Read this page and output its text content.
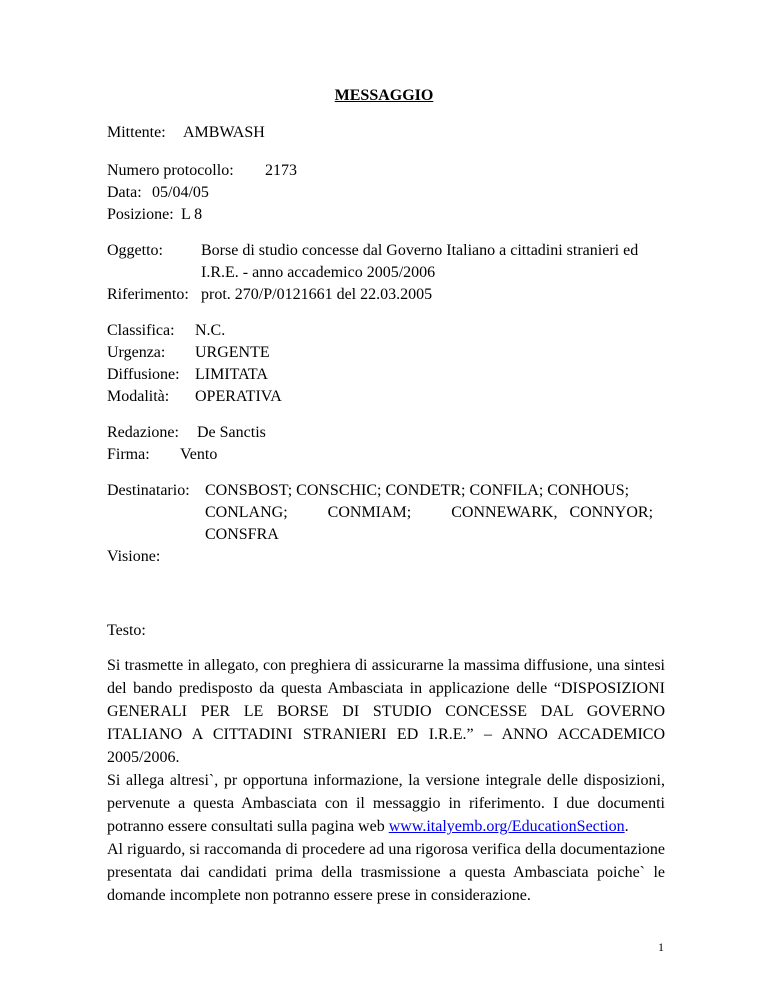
MESSAGGIO
Mittente: AMBWASH
Numero protocollo: 2173
Data: 05/04/05
Posizione: L 8
Oggetto: Borse di studio concesse dal Governo Italiano a cittadini stranieri ed
I.R.E. - anno accademico 2005/2006
Riferimento: prot. 270/P/0121661 del 22.03.2005
Classifica: N.C.
Urgenza: URGENTE
Diffusione: LIMITATA
Modalità: OPERATIVA
Redazione: De Sanctis
Firma: Vento
Destinatario: CONSBOST; CONSCHIC; CONDETR; CONFILA; CONHOUS;
CONLANG;          CONMIAM;          CONNEWARK,   CONNYOR;
CONSFRA
Visione:
Testo:
Si trasmette in allegato, con preghiera di assicurarne la massima diffusione, una sintesi del bando predisposto da questa Ambasciata in applicazione delle “DISPOSIZIONI GENERALI PER LE BORSE DI STUDIO CONCESSE DAL GOVERNO ITALIANO A CITTADINI STRANIERI ED I.R.E.” – ANNO ACCADEMICO 2005/2006.
Si allega altresi`, pr opportuna informazione, la versione integrale delle disposizioni, pervenute a questa Ambasciata con il messaggio in riferimento. I due documenti potranno essere consultati sulla pagina web www.italyemb.org/EducationSection.
Al riguardo, si raccomanda di procedere ad una rigorosa verifica della documentazione presentata dai candidati prima della trasmissione a questa Ambasciata poiche` le domande incomplete non potranno essere prese in considerazione.
1
